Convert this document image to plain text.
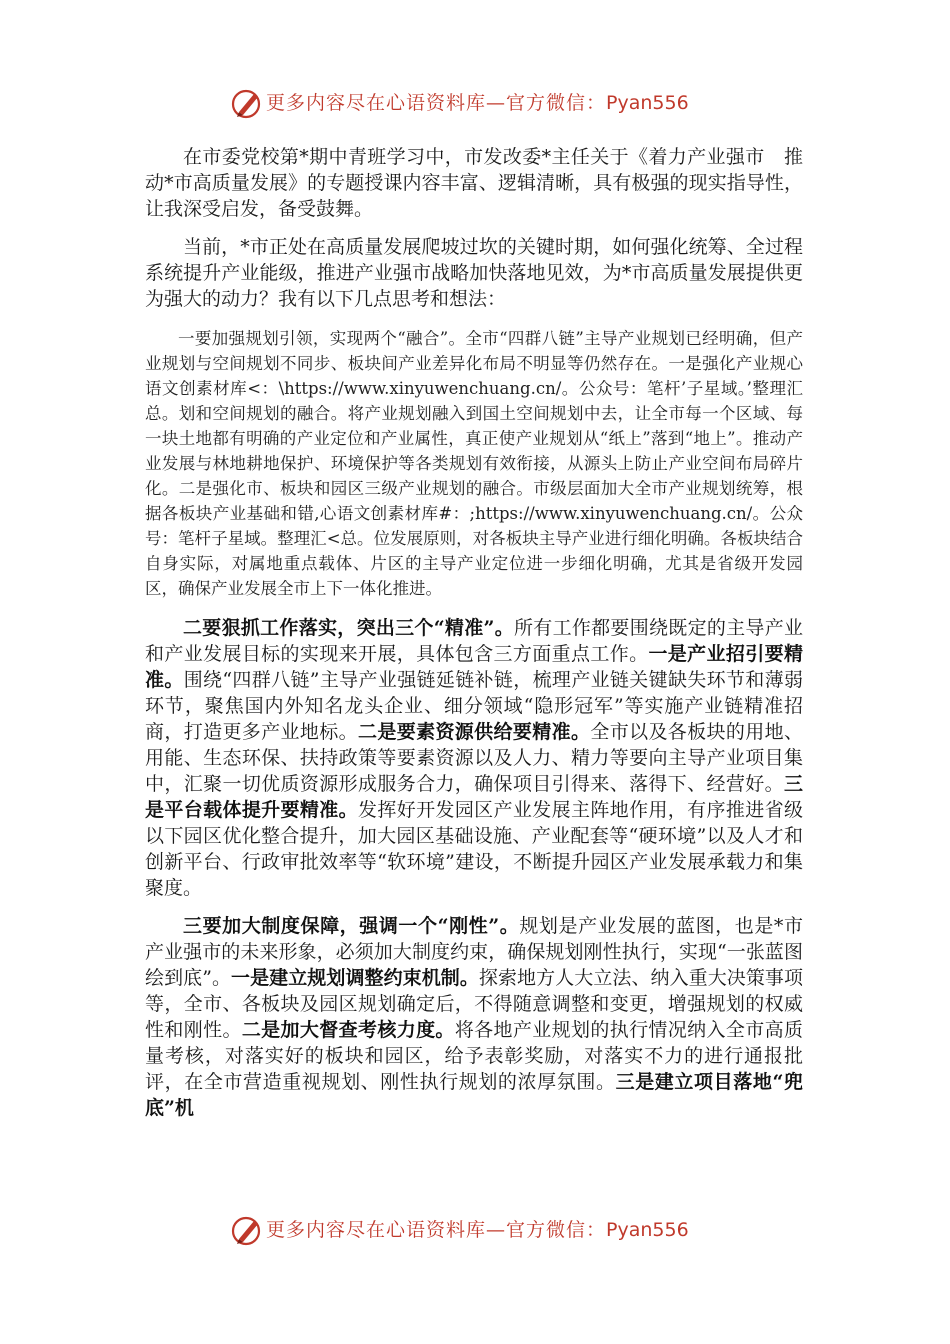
更多内容尽在心语资料库—官方微信：Pyan556

在市委党校第*期中青班学习中，市发改委*主任关于《着力产业强市　推动*市高质量发展》的专题授课内容丰富、逻辑清晰，具有极强的现实指导性，让我深受启发，备受鼓舞。

当前，*市正处在高质量发展爬坡过坎的关键时期，如何强化统筹、全过程系统提升产业能级，推进产业强市战略加快落地见效，为*市高质量发展提供更为强大的动力？我有以下几点思考和想法：

一要加强规划引领，实现两个“融合”。全市“四群八链”主导产业规划已经明确，但产业规划与空间规划不同步、板块间产业差异化布局不明显等仍然存在。一是强化产业规心语文创素材库<：\https://www.xinyuwenchuang.cn/。公众号：笔杆’子星域。’整理汇总。划和空间规划的融合。将产业规划融入到国土空间规划中去，让全市每一个区域、每一块土地都有明确的产业定位和产业属性，真正使产业规划从“纸上”落到“地上”。推动产业发展与林地耕地保护、环境保护等各类规划有效衔接，从源头上防止产业空间布局碎片化。二是强化市、板块和园区三级产业规划的融合。市级层面加大全市产业规划统筹，根据各板块产业基础和错,心语文创素材库#：;https://www.xinyuwenchuang.cn/。公众号：笔杆子星域。整理汇<总。位发展原则，对各板块主导产业进行细化明确。各板块结合自身实际，对属地重点载体、片区的主导产业定位进一步细化明确，尤其是省级开发园区，确保产业发展全市上下一体化推进。

二要狠抓工作落实，突出三个“精准”。所有工作都要围绕既定的主导产业和产业发展目标的实现来开展，具体包含三方面重点工作。一是产业招引要精准。围绕“四群八链”主导产业强链延链补链，梳理产业链关键缺失环节和薄弱环节，聚焦国内外知名龙头企业、细分领域“隐形冠军”等实施产业链精准招商，打造更多产业地标。二是要素资源供给要精准。全市以及各板块的用地、用能、生态环保、扶持政策等要素资源以及人力、精力等要向主导产业项目集中，汇聚一切优质资源形成服务合力，确保项目引得来、落得下、经营好。三是平台载体提升要精准。发挥好开发园区产业发展主阵地作用，有序推进省级以下园区优化整合提升，加大园区基础设施、产业配套等“硬环境”以及人才和创新平台、行政审批效率等“软环境”建设，不断提升园区产业发展承载力和集聚度。

三要加大制度保障，强调一个“刚性”。规划是产业发展的蓝图，也是*市产业强市的未来形象，必须加大制度约束，确保规划刚性执行，实现“一张蓝图绘到底”。一是建立规划调整约束机制。探索地方人大立法、纳入重大决策事项等，全市、各板块及园区规划确定后，不得随意调整和变更，增强规划的权威性和刚性。二是加大督查考核力度。将各地产业规划的执行情况纳入全市高质量考核，对落实好的板块和园区，给予表彰奖励，对落实不力的进行通报批评，在全市营造重视规划、刚性执行规划的浓厚氛围。三是建立项目落地“兜底”机

更多内容尽在心语资料库—官方微信：Pyan556
